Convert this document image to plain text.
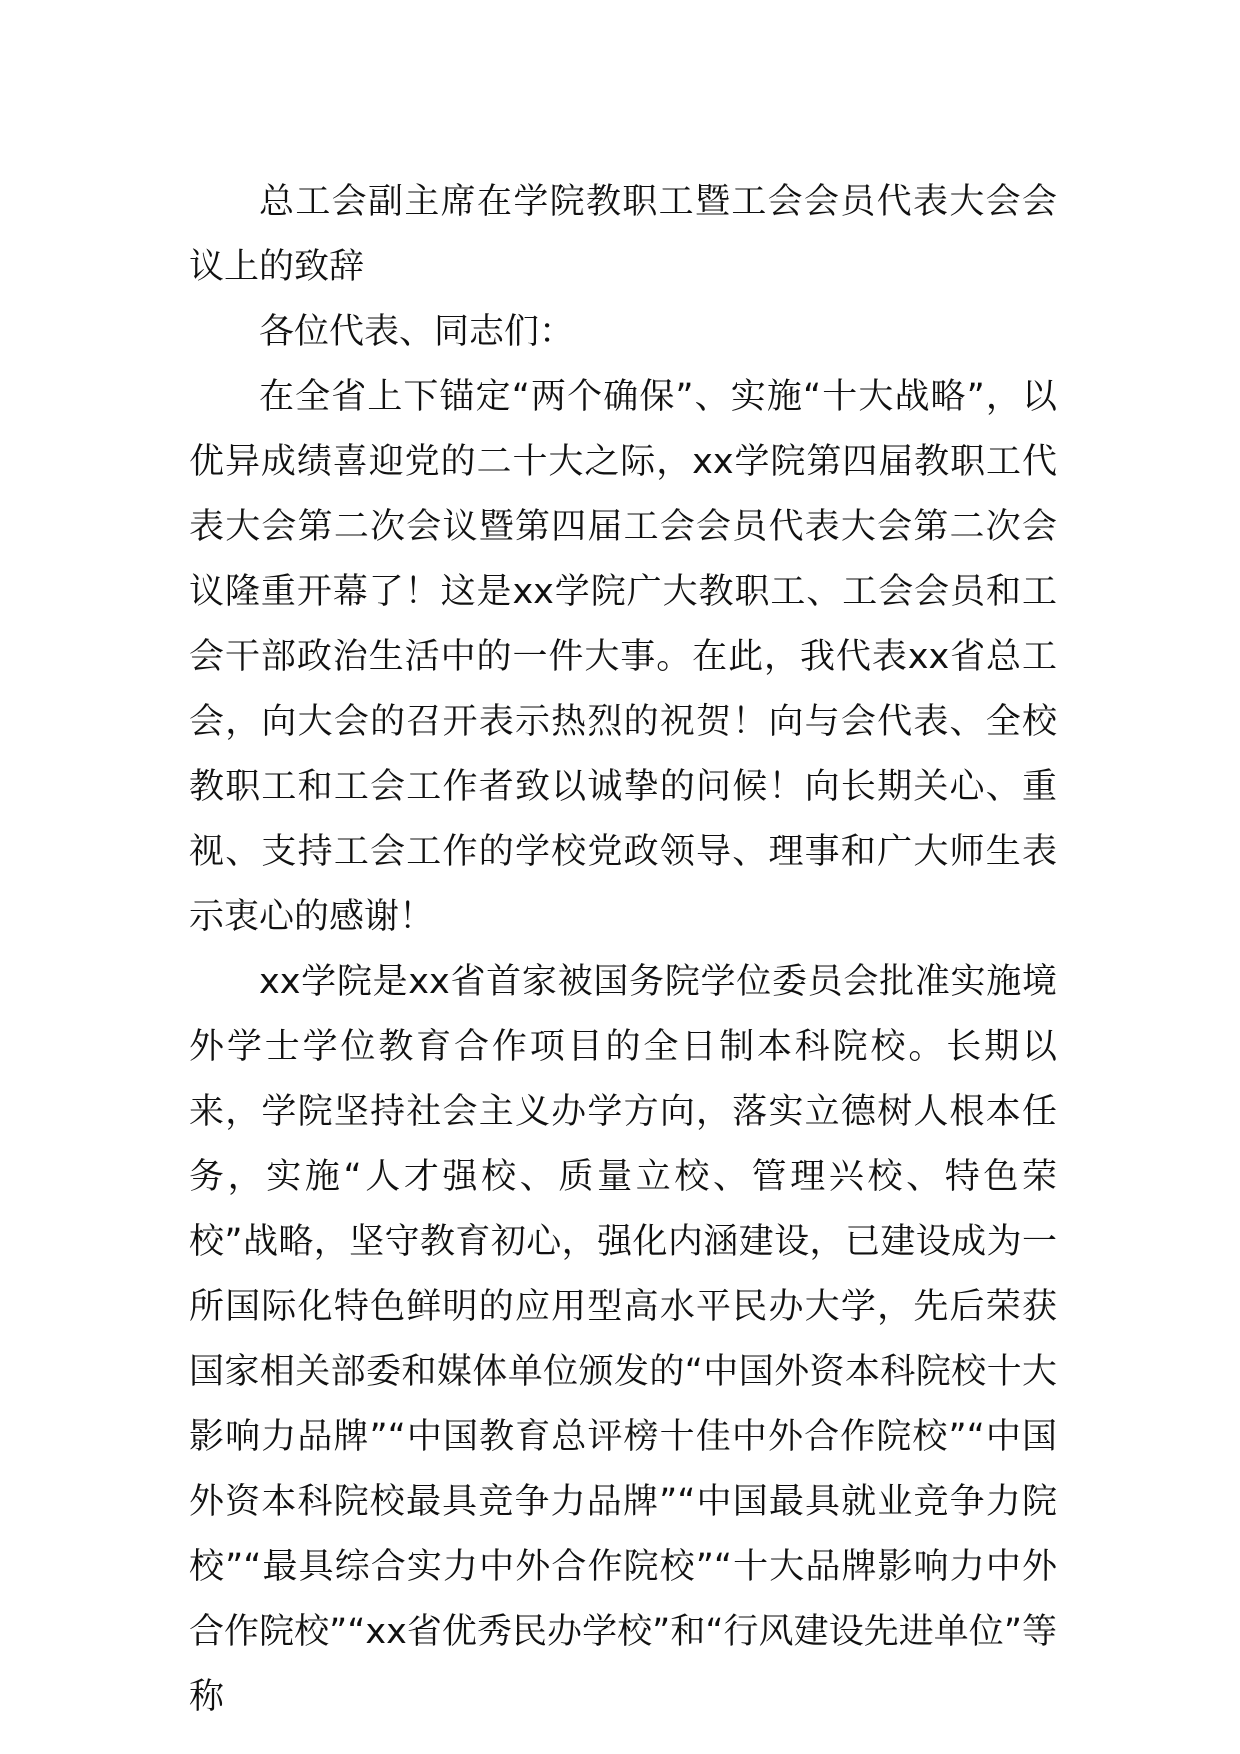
总工会副主席在学院教职工暨工会会员代表大会会议上的致辞

各位代表、同志们：

在全省上下锚定“两个确保”、实施“十大战略”，以优异成绩喜迎党的二十大之际，xx学院第四届教职工代表大会第二次会议暨第四届工会会员代表大会第二次会议隆重开幕了！这是xx学院广大教职工、工会会员和工会干部政治生活中的一件大事。在此，我代表xx省总工会，向大会的召开表示热烈的祝贺！向与会代表、全校教职工和工会工作者致以诚挚的问候！向长期关心、重视、支持工会工作的学校党政领导、理事和广大师生表示衷心的感谢！

xx学院是xx省首家被国务院学位委员会批准实施境外学士学位教育合作项目的全日制本科院校。长期以来，学院坚持社会主义办学方向，落实立德树人根本任务，实施“人才强校、质量立校、管理兴校、特色荣校”战略，坚守教育初心，强化内涵建设，已建设成为一所国际化特色鲜明的应用型高水平民办大学，先后荣获国家相关部委和媒体单位颁发的“中国外资本科院校十大影响力品牌”“中国教育总评榜十佳中外合作院校”“中国外资本科院校最具竞争力品牌”“中国最具就业竞争力院校”“最具综合实力中外合作院校”“十大品牌影响力中外合作院校”“xx省优秀民办学校”和“行风建设先进单位”等称
